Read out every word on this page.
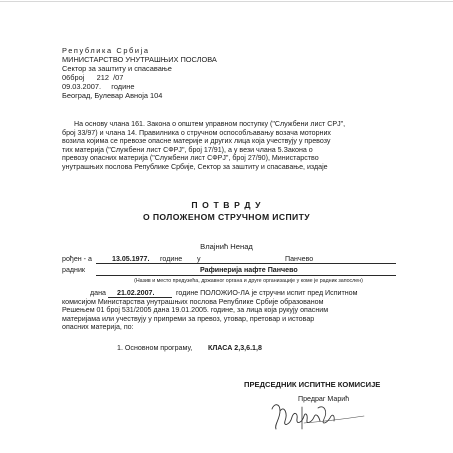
Република Србија
МИНИСТАРСТВО УНУТРАШЊИХ ПОСЛОВА
Сектор за заштиту и спасавање
06број      212  /07
09.03.2007.     године
Београд, Булевар Авноја 104
На основу члана 161. Закона о општем управном поступку ("Службени лист СРЈ",
број 33/97) и члана 14. Правилника о стручном оспособљавању возача моторних
возила којима се превозе опасне материје и других лица која учествују у превозу
тих материја ("Службени лист СФРЈ", број 17/91), а у вези члана 5.Закона о
превозу опасних материја ("Службени лист СФРЈ", број 27/90), Министарство
унутрашњих послова Републике Србије, Сектор за заштиту и спасавање, издаје
П О Т В Р Д У
О ПОЛОЖЕНОМ СТРУЧНОМ ИСПИТУ
Влајнић Ненад
рођен - а	13.05.1977. године у	Панчево
радник	Рафинерија нафте Панчево
(Назив и место предузећа, државног органа и друге организације у коме је радник запослен)
дана 21.02.2007.	године ПОЛОЖИО-ЛА је стручни испит пред Испитном
комисијом Министарства унутрашњих послова Републике Србије образованом
Решењем 01 број 531/2005 дана 19.01.2005. године, за лица која рукују опасним
материјама или учествују у припреми за превоз, утовар, претовар и истовар
опасних материја, по:
1. Основном програму, КЛАСА 2,3,6.1,8
ПРЕДСЕДНИК ИСПИТНЕ КОМИСИЈЕ
Предраг Марић
